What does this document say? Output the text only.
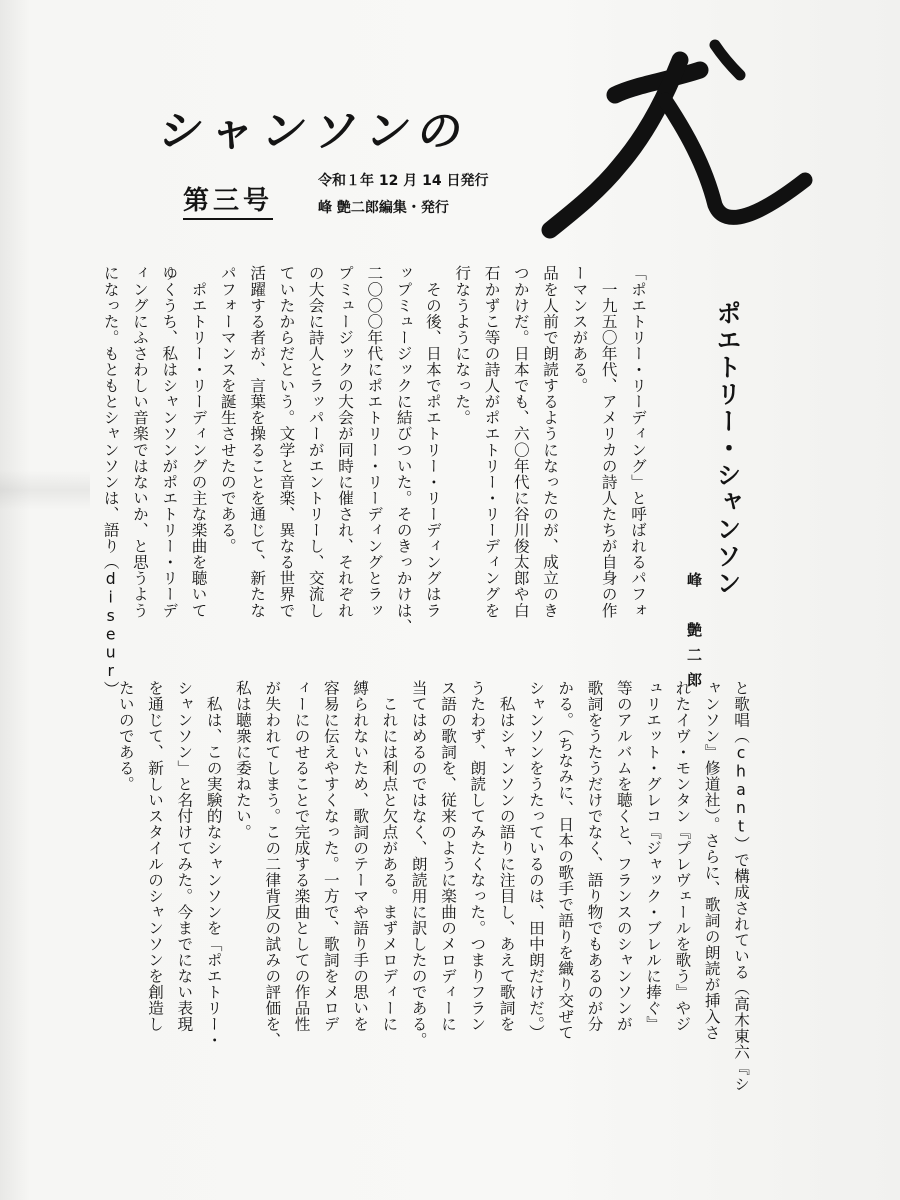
シャンソンの
第三号
令和１年 12 月 14 日発行
峰 艶二郎編集・発行
ポエトリー・シャンソン
峰　艶二郎
「ポエトリー・リーディング」と呼ばれるパフォ
　一九五〇年代、アメリカの詩人たちが自身の作
ーマンスがある。
品を人前で朗読するようになったのが、成立のき
つかけだ。日本でも、六〇年代に谷川俊太郎や白
石かずこ等の詩人がポエトリー・リーディングを
行なうようになった。
　その後、日本でポエトリー・リーディングはラ
ップミュージックに結びついた。そのきっかけは、
二〇〇〇年代にポエトリー・リーディングとラッ
プミュージックの大会が同時に催され、それぞれ
の大会に詩人とラッパーがエントリーし、交流し
ていたからだという。文学と音楽、異なる世界で
活躍する者が、言葉を操ることを通じて、新たな
パフォーマンスを誕生させたのである。
　ポエトリー・リーディングの主な楽曲を聴いて
ゆくうち、私はシャンソンがポエトリー・リーデ
ィングにふさわしい音楽ではないか、と思うよう
になった。もともとシャンソンは、語り（diseur）
と歌唱（chant）で構成されている（高木東六『シ
ャンソン』修道社）。さらに、歌詞の朗読が挿入さ
れたイヴ・モンタン『プレヴェールを歌う』やジ
ュリエット・グレコ『ジャック・ブレルに捧ぐ』
等のアルバムを聴くと、フランスのシャンソンが
歌詞をうたうだけでなく、語り物でもあるのが分
かる。（ちなみに、日本の歌手で語りを織り交ぜて
シャンソンをうたっているのは、田中朗だけだ。）
　私はシャンソンの語りに注目し、あえて歌詞を
うたわず、朗読してみたくなった。つまりフラン
ス語の歌詞を、従来のように楽曲のメロディーに
当てはめるのではなく、朗読用に訳したのである。
　これには利点と欠点がある。まずメロディーに
縛られないため、歌詞のテーマや語り手の思いを
容易に伝えやすくなった。一方で、歌詞をメロデ
ィーにのせることで完成する楽曲としての作品性
が失われてしまう。この二律背反の試みの評価を、
私は聴衆に委ねたい。
　私は、この実験的なシャンソンを「ポエトリー・
シャンソン」と名付けてみた。今までにない表現
を通じて、新しいスタイルのシャンソンを創造し
たいのである。
